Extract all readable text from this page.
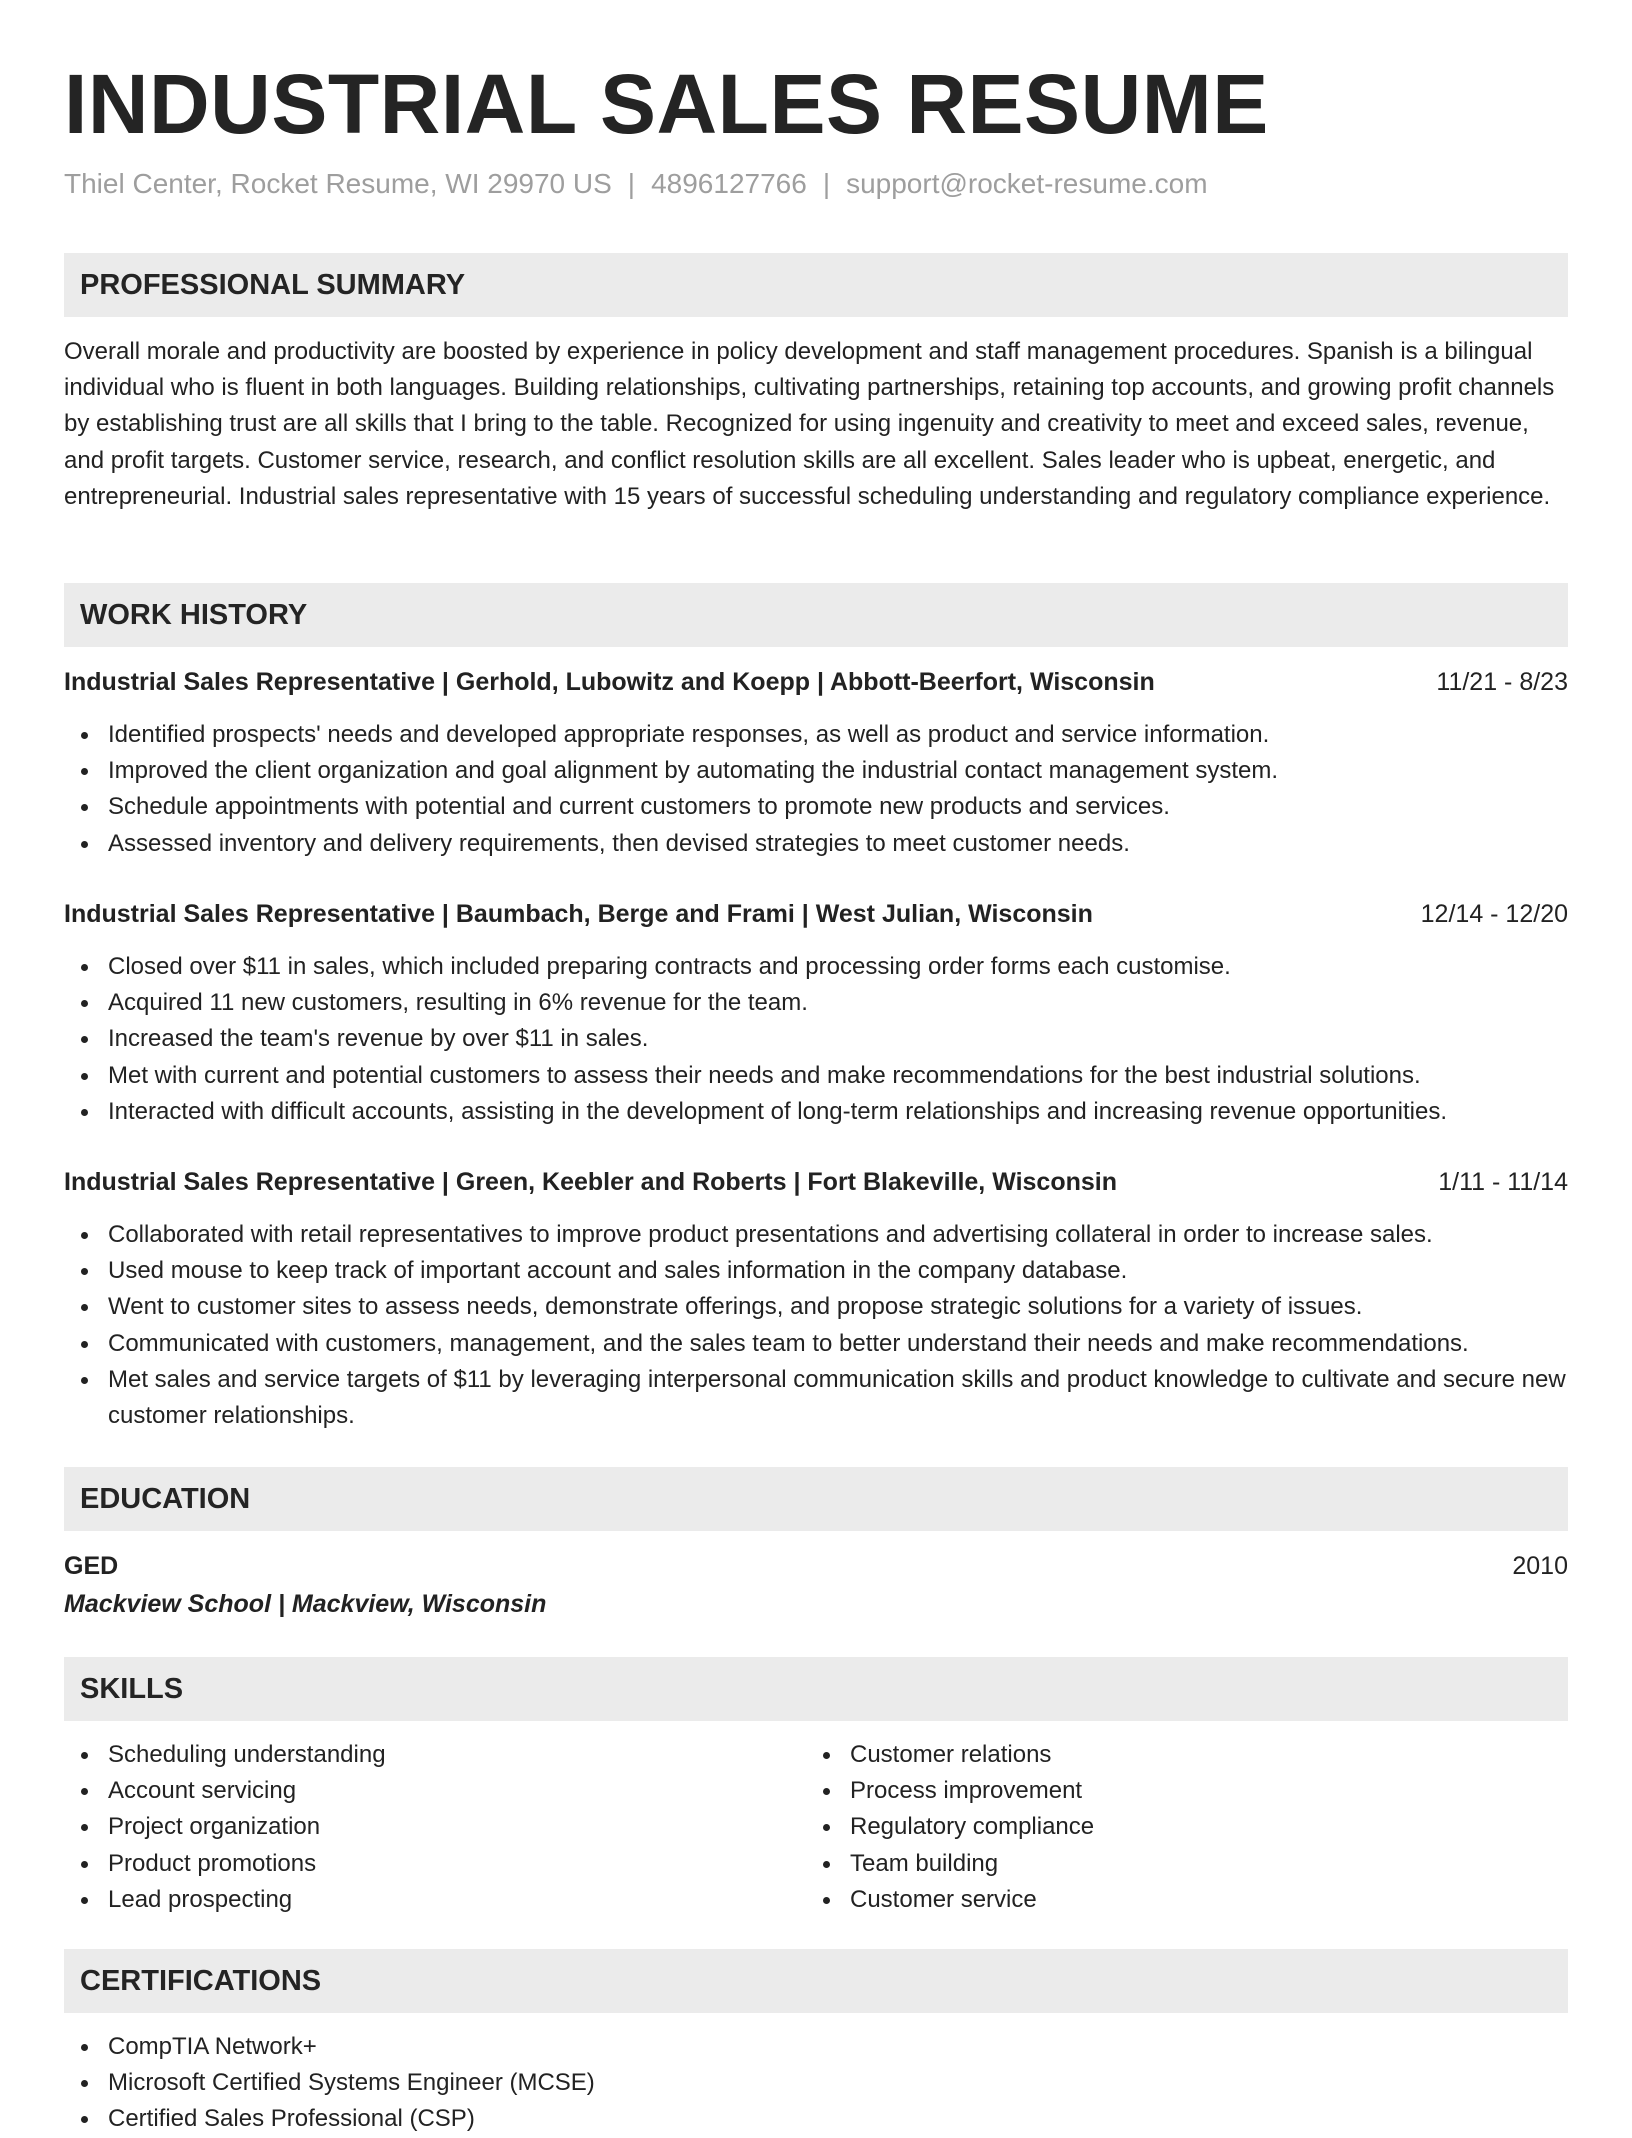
INDUSTRIAL SALES RESUME
Thiel Center, Rocket Resume, WI 29970 US | 4896127766 | support@rocket-resume.com
PROFESSIONAL SUMMARY

Overall morale and productivity are boosted by experience in policy development and staff management procedures. Spanish is a bilingual individual who is fluent in both languages. Building relationships, cultivating partnerships, retaining top accounts, and growing profit channels by establishing trust are all skills that I bring to the table. Recognized for using ingenuity and creativity to meet and exceed sales, revenue, and profit targets. Customer service, research, and conflict resolution skills are all excellent. Sales leader who is upbeat, energetic, and entrepreneurial. Industrial sales representative with 15 years of successful scheduling understanding and regulatory compliance experience.

WORK HISTORY
Industrial Sales Representative | Gerhold, Lubowitz and Koepp | Abbott-Beerfort, Wisconsin	11/21 - 8/23
Identified prospects' needs and developed appropriate responses, as well as product and service information.
Improved the client organization and goal alignment by automating the industrial contact management system.
Schedule appointments with potential and current customers to promote new products and services.
Assessed inventory and delivery requirements, then devised strategies to meet customer needs.
Industrial Sales Representative | Baumbach, Berge and Frami | West Julian, Wisconsin	12/14 - 12/20
Closed over $11 in sales, which included preparing contracts and processing order forms each customise.
Acquired 11 new customers, resulting in 6% revenue for the team.
Increased the team's revenue by over $11 in sales.
Met with current and potential customers to assess their needs and make recommendations for the best industrial solutions.
Interacted with difficult accounts, assisting in the development of long-term relationships and increasing revenue opportunities.
Industrial Sales Representative | Green, Keebler and Roberts | Fort Blakeville, Wisconsin	1/11 - 11/14
Collaborated with retail representatives to improve product presentations and advertising collateral in order to increase sales.
Used mouse to keep track of important account and sales information in the company database.
Went to customer sites to assess needs, demonstrate offerings, and propose strategic solutions for a variety of issues.
Communicated with customers, management, and the sales team to better understand their needs and make recommendations.
Met sales and service targets of $11 by leveraging interpersonal communication skills and product knowledge to cultivate and secure new customer relationships.
EDUCATION
GED	2010
Mackview School | Mackview, Wisconsin
SKILLS
Scheduling understanding
Account servicing
Project organization
Product promotions
Lead prospecting
Customer relations
Process improvement
Regulatory compliance
Team building
Customer service
CERTIFICATIONS
CompTIA Network+
Microsoft Certified Systems Engineer (MCSE)
Certified Sales Professional (CSP)
